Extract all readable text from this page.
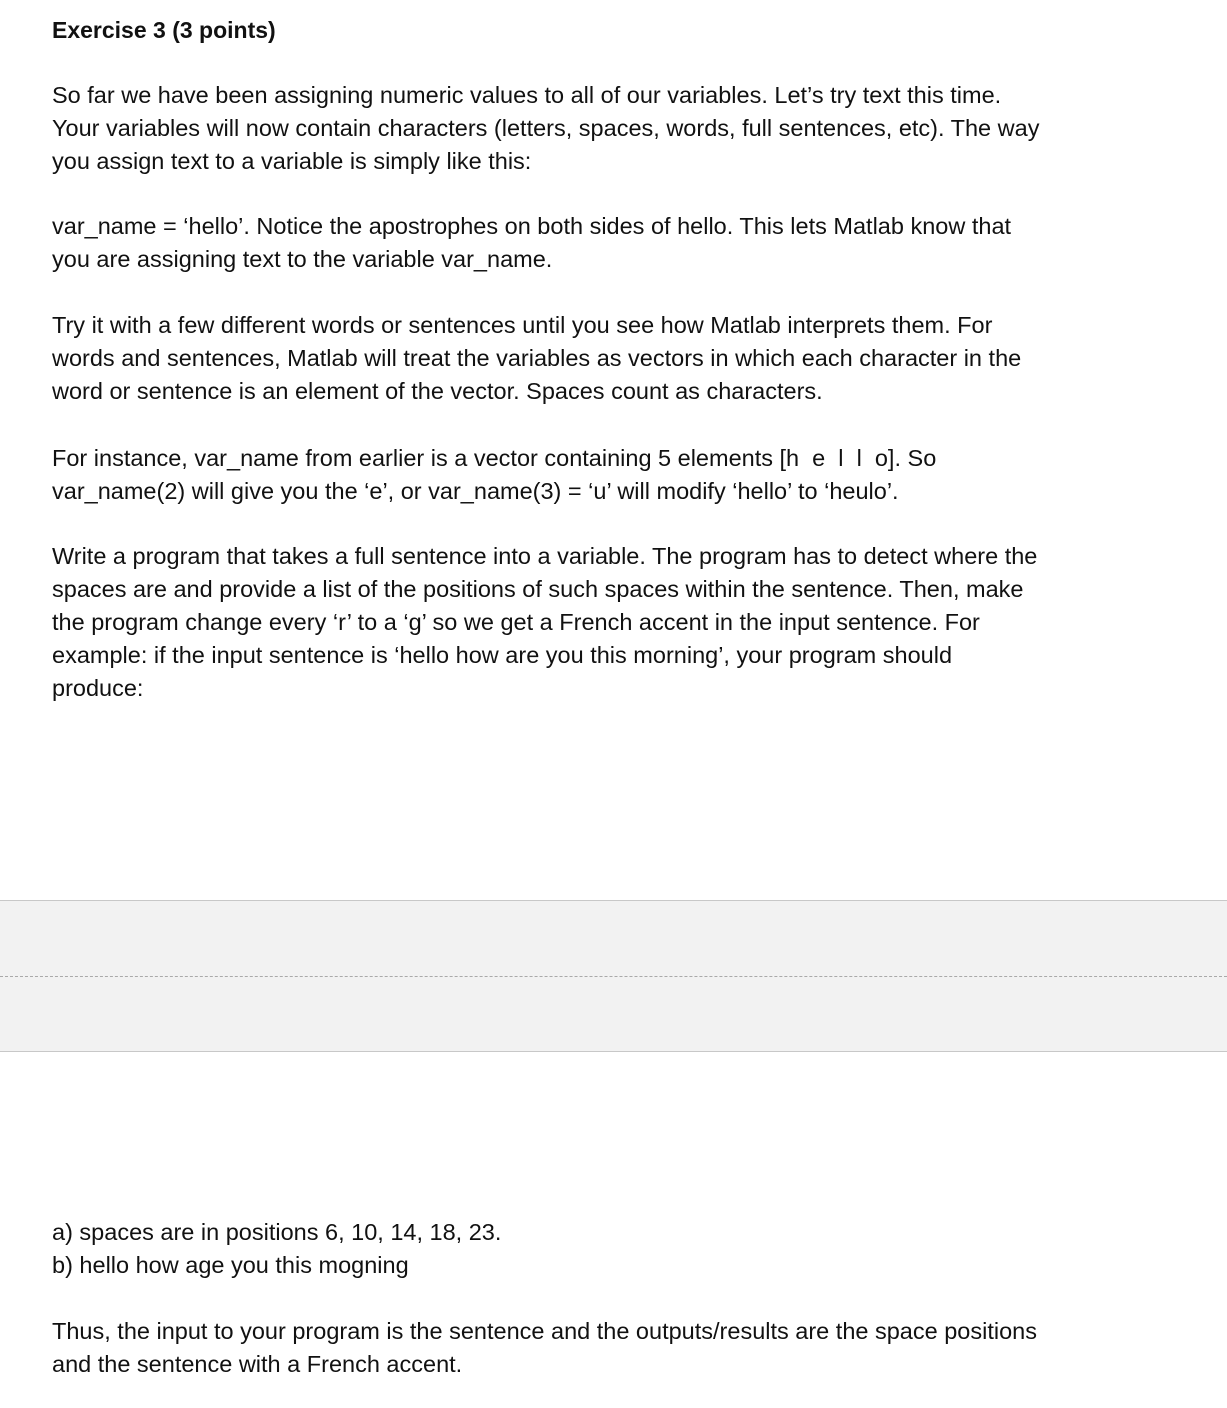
Exercise 3 (3 points)

So far we have been assigning numeric values to all of our variables. Let’s try text this time.
Your variables will now contain characters (letters, spaces, words, full sentences, etc). The way
you assign text to a variable is simply like this:

var_name = ‘hello’. Notice the apostrophes on both sides of hello. This lets Matlab know that
you are assigning text to the variable var_name.

Try it with a few different words or sentences until you see how Matlab interprets them. For
words and sentences, Matlab will treat the variables as vectors in which each character in the
word or sentence is an element of the vector. Spaces count as characters.

For instance, var_name from earlier is a vector containing 5 elements [h  e  l  l  o]. So
var_name(2) will give you the ‘e’, or var_name(3) = ‘u’ will modify ‘hello’ to ‘heulo’.

Write a program that takes a full sentence into a variable. The program has to detect where the
spaces are and provide a list of the positions of such spaces within the sentence. Then, make
the program change every ‘r’ to a ‘g’ so we get a French accent in the input sentence. For
example: if the input sentence is ‘hello how are you this morning’, your program should
produce:

a) spaces are in positions 6, 10, 14, 18, 23.
b) hello how age you this mogning

Thus, the input to your program is the sentence and the outputs/results are the space positions
and the sentence with a French accent.
